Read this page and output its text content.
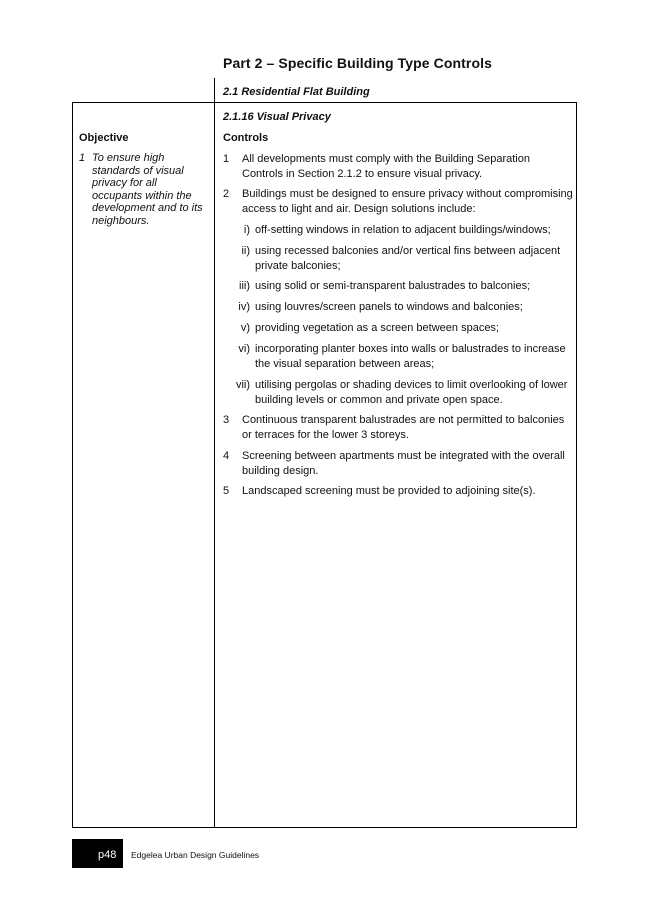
Part 2 – Specific Building Type Controls
2.1 Residential Flat Building
2.1.16 Visual Privacy
Objective	Controls
1 To ensure high standards of visual privacy for all occupants within the development and to its neighbours.
1 All developments must comply with the Building Separation Controls in Section 2.1.2 to ensure visual privacy.
2 Buildings must be designed to ensure privacy without compromising access to light and air. Design solutions include:
i) off-setting windows in relation to adjacent buildings/windows;
ii) using recessed balconies and/or vertical fins between adjacent private balconies;
iii) using solid or semi-transparent balustrades to balconies;
iv) using louvres/screen panels to windows and balconies;
v) providing vegetation as a screen between spaces;
vi) incorporating planter boxes into walls or balustrades to increase the visual separation between areas;
vii) utilising pergolas or shading devices to limit overlooking of lower building levels or common and private open space.
3 Continuous transparent balustrades are not permitted to balconies or terraces for the lower 3 storeys.
4 Screening between apartments must be integrated with the overall building design.
5 Landscaped screening must be provided to adjoining site(s).
p48 Edgelea Urban Design Guidelines
